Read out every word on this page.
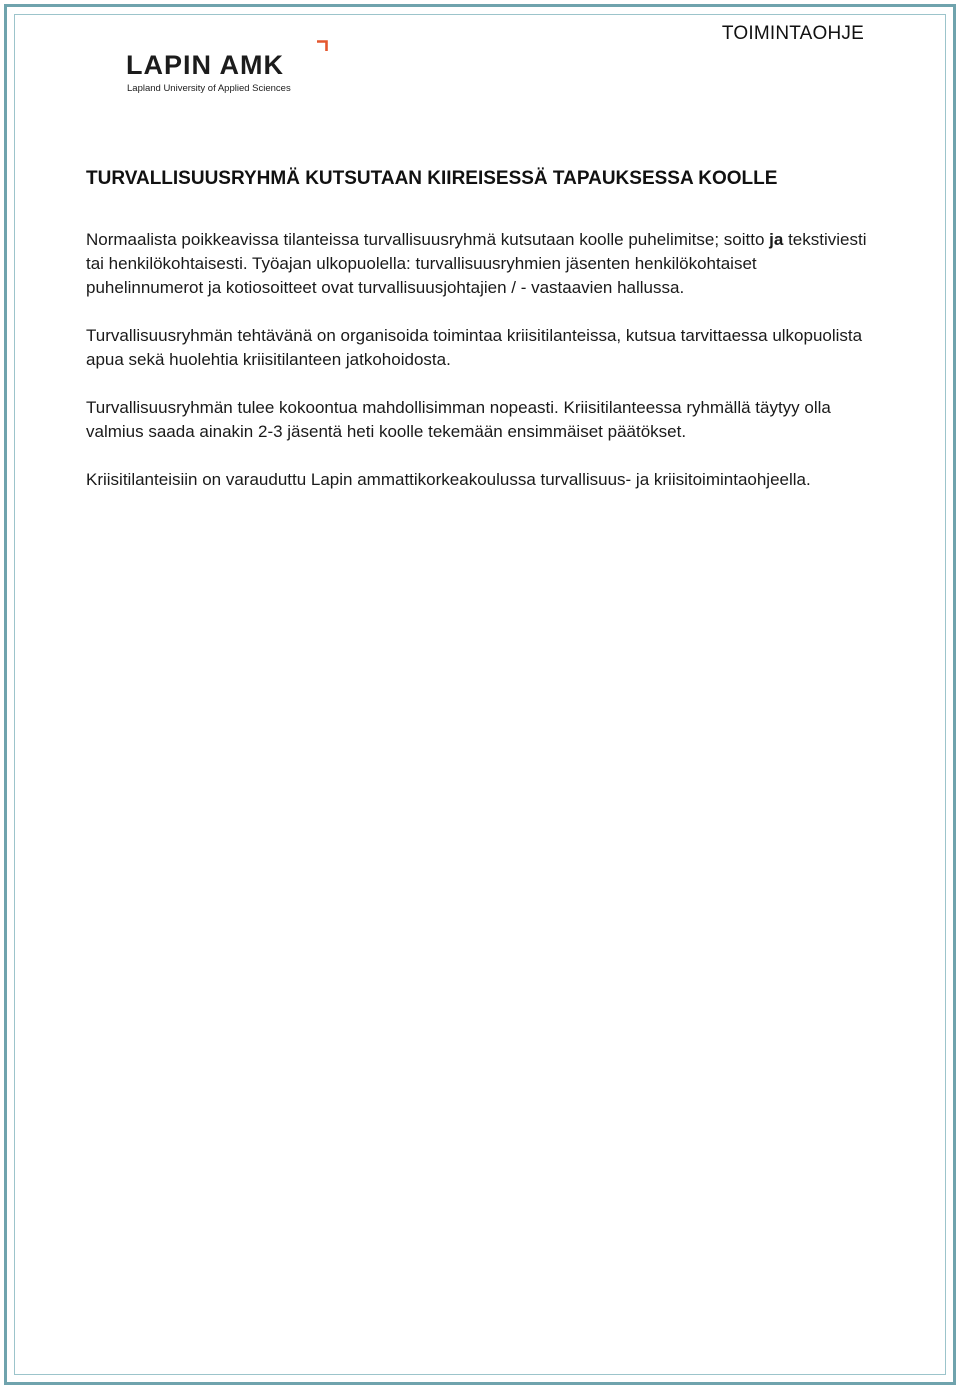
TOIMINTAOHJE
LAPIN AMK
Lapland University of Applied Sciences
TURVALLISUUSRYHMÄ KUTSUTAAN KIIREISESSÄ TAPAUKSESSA KOOLLE

Normaalista poikkeavissa tilanteissa turvallisuusryhmä kutsutaan koolle puhelimitse; soitto ja tekstiviesti tai henkilökohtaisesti. Työajan ulkopuolella: turvallisuusryhmien jäsenten henkilökohtaiset puhelinnumerot ja kotiosoitteet ovat turvallisuusjohtajien / - vastaavien hallussa.

Turvallisuusryhmän tehtävänä on organisoida toimintaa kriisitilanteissa, kutsua tarvittaessa ulkopuolista apua sekä huolehtia kriisitilanteen jatkohoidosta.

Turvallisuusryhmän tulee kokoontua mahdollisimman nopeasti. Kriisitilanteessa ryhmällä täytyy olla valmius saada ainakin 2-3 jäsentä heti koolle tekemään ensimmäiset päätökset.

Kriisitilanteisiin on varauduttu Lapin ammattikorkeakoulussa turvallisuus- ja kriisitoimintaohjeella.
